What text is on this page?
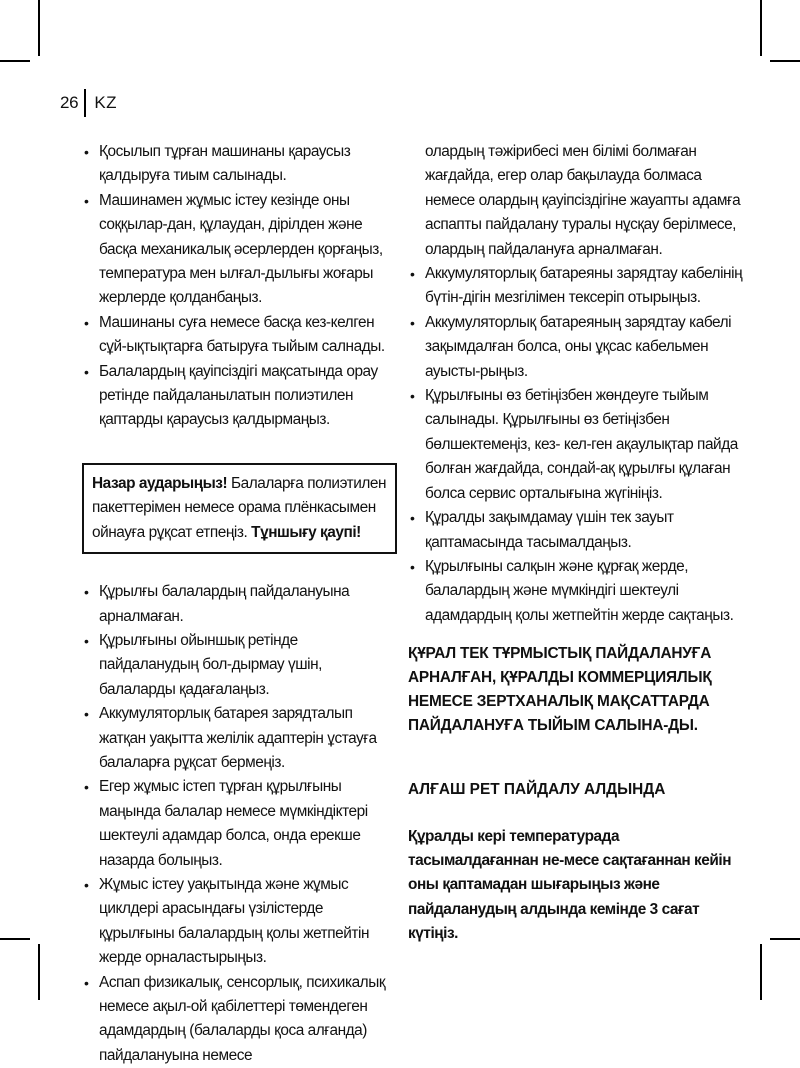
26 KZ
• Қосылып тұрған машинаны қараусыз қалдыруға тиым салынады.
• Машинамен жұмыс істеу кезінде оны соққылар-дан, құлаудан, дірілден және басқа механикалық әсерлерден қорғаңыз, температура мен ылғал-дылығы жоғары жерлерде қолданбаңыз.
• Машинаны суға немесе басқа кез-келген сұй-ықтықтарға батыруға тыйым салнады.
• Балалардың қауіпсіздігі мақсатында орау ретінде пайдаланылатын полиэтилен қаптарды қараусыз қалдырмаңыз.
Назар аударыңыз! Балаларға полиэтилен пакеттерімен немесе орама плёнкасымен ойнауға рұқсат етпеңіз. Тұншығу қаупі!
• Құрылғы балалардың пайдалануына арналмаған.
• Құрылғыны ойыншық ретінде пайдаланудың бол-дырмау үшін, балаларды қадағалаңыз.
• Аккумуляторлық батарея зарядталып жатқан уақытта желілік адаптерін ұстауға балаларға рұқсат бермеңіз.
• Егер жұмыс істеп тұрған құрылғыны маңында балалар немесе мүмкіндіктері шектеулі адамдар болса, онда ерекше назарда болыңыз.
• Жұмыс істеу уақытында және жұмыс циклдері арасындағы үзілістерде құрылғыны балалардың қолы жетпейтін жерде орналастырыңыз.
• Аспап физикалық, сенсорлық, психикалық немесе ақыл-ой қабілеттері төмендеген адамдардың (балаларды қоса алғанда) пайдалануына немесе
олардың тәжірибесі мен білімі болмаған жағдайда, егер олар бақылауда болмаса немесе олардың қауіпсіздігіне жауапты адамға аспапты пайдалану туралы нұсқау берілмесе, олардың пайдалануға арналмаған.
• Аккумуляторлық батареяны зарядтау кабелінің бүтін-дігін мезгілімен тексеріп отырыңыз.
• Аккумуляторлық батареяның зарядтау кабелі зақымдалған болса, оны ұқсас кабельмен ауысты-рыңыз.
• Құрылғыны өз бетіңізбен жөндеуге тыйым салынады. Құрылғыны өз бетіңізбен бөлшектемеңіз, кез- кел-ген ақаулықтар пайда болған жағдайда, сондай-ақ құрылғы құлаған болса сервис орталығына жүгініңіз.
• Құралды зақымдамау үшін тек зауыт қаптамасында тасымалдаңыз.
• Құрылғыны салқын және құрғақ жерде, балалардың және мүмкіндігі шектеулі адамдардың қолы жетпейтін жерде сақтаңыз.
ҚҰРАЛ ТЕК ТҰРМЫСТЫҚ ПАЙДАЛАНУҒА АРНАЛҒАН, ҚҰРАЛДЫ КОММЕРЦИЯЛЫҚ НЕМЕСЕ ЗЕРТХАНАЛЫҚ МАҚСАТТАРДА ПАЙДАЛАНУҒА ТЫЙЫМ САЛЫНА-ДЫ.
АЛҒАШ РЕТ ПАЙДАЛУ АЛДЫНДА
Құралды кері температурада тасымалдағаннан не-месе сақтағаннан кейін оны қаптамадан шығарыңыз және пайдаланудың алдында кемінде 3 сағат күтіңіз.
